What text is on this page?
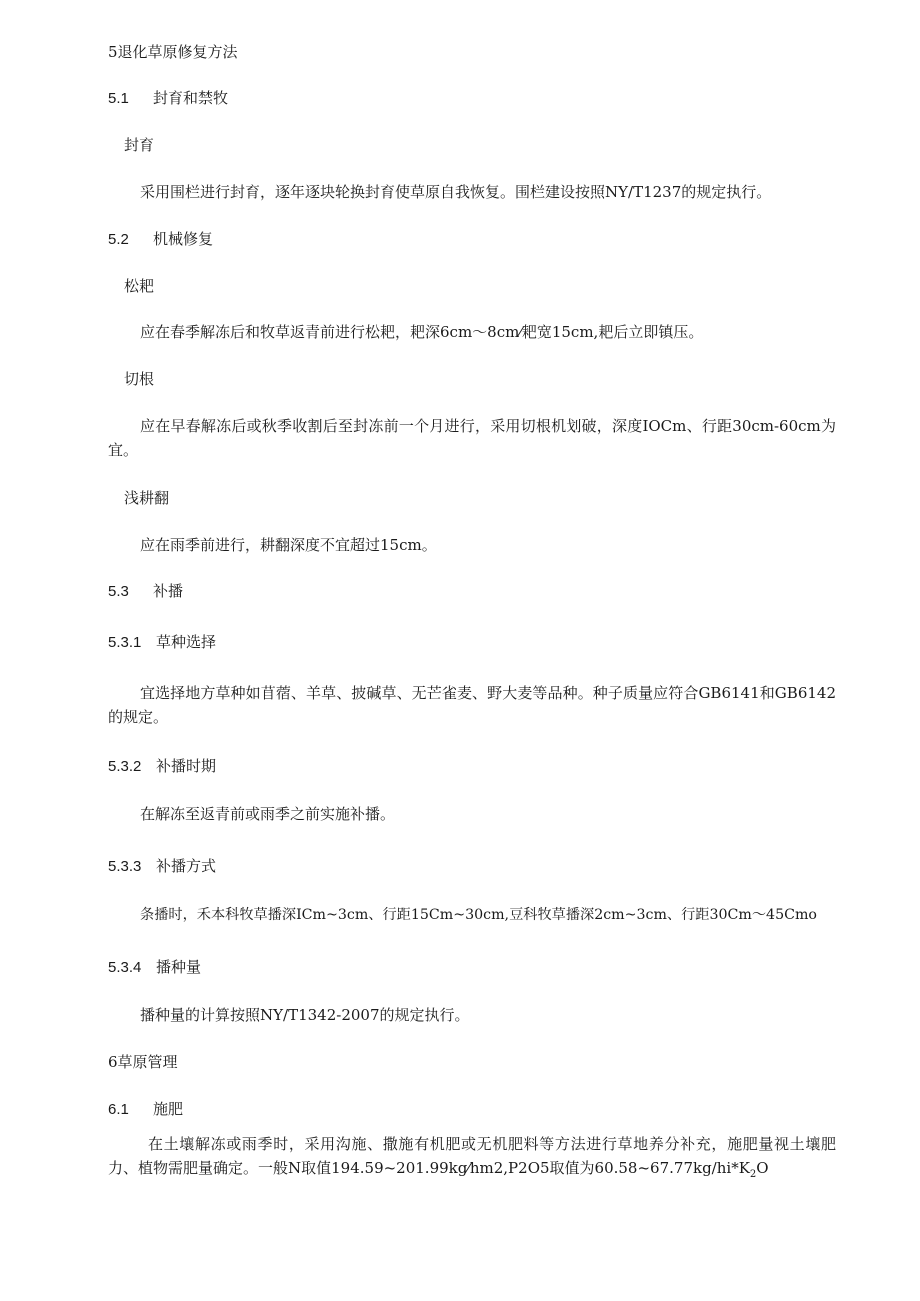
5退化草原修复方法
5.1 封育和禁牧
封育
采用围栏进行封育，逐年逐块轮换封育使草原自我恢复。围栏建设按照NY/T1237的规定执行。
5.2 机械修复
松耙
应在春季解冻后和牧草返青前进行松耙，耙深6cm～8cm⁄耙宽15cm,耙后立即镇压。
切根
应在早春解冻后或秋季收割后至封冻前一个月进行，采用切根机划破，深度IOCm、行距30cm-60cm为宜。
浅耕翻
应在雨季前进行，耕翻深度不宜超过15cm。
5.3 补播
5.3.1 草种选择
宜选择地方草种如苜蓿、羊草、披碱草、无芒雀麦、野大麦等品种。种子质量应符合GB6141和GB6142的规定。
5.3.2 补播时期
在解冻至返青前或雨季之前实施补播。
5.3.3 补播方式
条播时，禾本科牧草播深ICm~3cm、行距15Cm~30cm,豆科牧草播深2cm~3cm、行距30Cm～45Cmo
5.3.4 播种量
播种量的计算按照NY/T1342-2007的规定执行。
6草原管理
6.1 施肥
在土壤解冻或雨季时，采用沟施、撒施有机肥或无机肥料等方法进行草地养分补充，施肥量视土壤肥力、植物需肥量确定。一般N取值194.59~201.99kg⁄hm2,P2O5取值为$60.58\sim 67.77kg/hi*K_2O$
